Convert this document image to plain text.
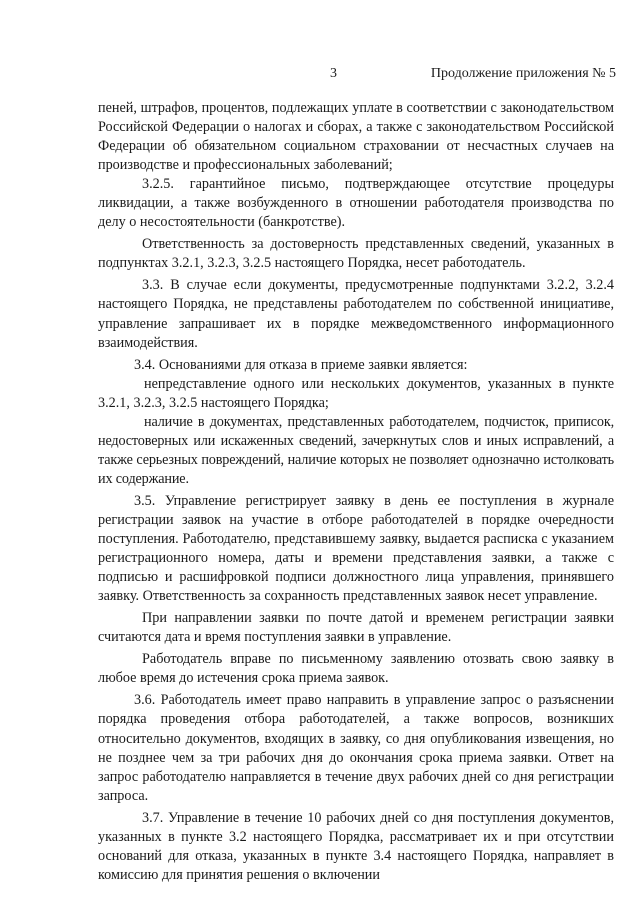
3	Продолжение приложения № 5

пеней, штрафов, процентов, подлежащих уплате в соответствии с законодательством Российской Федерации о налогах и сборах, а также с законодательством Российской Федерации об обязательном социальном страховании от несчастных случаев на производстве и профессиональных заболеваний;

3.2.5. гарантийное письмо, подтверждающее отсутствие процедуры ликвидации, а также возбужденного в отношении работодателя производства по делу о несостоятельности (банкротстве).

Ответственность за достоверность представленных сведений, указанных в подпунктах 3.2.1, 3.2.3, 3.2.5 настоящего Порядка, несет работодатель.

3.3. В случае если документы, предусмотренные подпунктами 3.2.2, 3.2.4 настоящего Порядка, не представлены работодателем по собственной инициативе, управление запрашивает их в порядке межведомственного информационного взаимодействия.

3.4. Основаниями для отказа в приеме заявки является:

непредставление одного или нескольких документов, указанных в пункте 3.2.1, 3.2.3, 3.2.5 настоящего Порядка;

наличие в документах, представленных работодателем, подчисток, приписок, недостоверных или искаженных сведений, зачеркнутых слов и иных исправлений, а также серьезных повреждений, наличие которых не позволяет однозначно истолковать их содержание.

3.5. Управление регистрирует заявку в день ее поступления в журнале регистрации заявок на участие в отборе работодателей в порядке очередности поступления. Работодателю, представившему заявку, выдается расписка с указанием регистрационного номера, даты и времени представления заявки, а также с подписью и расшифровкой подписи должностного лица управления, принявшего заявку. Ответственность за сохранность представленных заявок несет управление.

При направлении заявки по почте датой и временем регистрации заявки считаются дата и время поступления заявки в управление.

Работодатель вправе по письменному заявлению отозвать свою заявку в любое время до истечения срока приема заявок.

3.6. Работодатель имеет право направить в управление запрос о разъяснении порядка проведения отбора работодателей, а также вопросов, возникших относительно документов, входящих в заявку, со дня опубликования извещения, но не позднее чем за три рабочих дня до окончания срока приема заявки. Ответ на запрос работодателю направляется в течение двух рабочих дней со дня регистрации запроса.

3.7. Управление в течение 10 рабочих дней со дня поступления документов, указанных в пункте 3.2 настоящего Порядка, рассматривает их и при отсутствии оснований для отказа, указанных в пункте 3.4 настоящего Порядка, направляет в комиссию для принятия решения о включении
